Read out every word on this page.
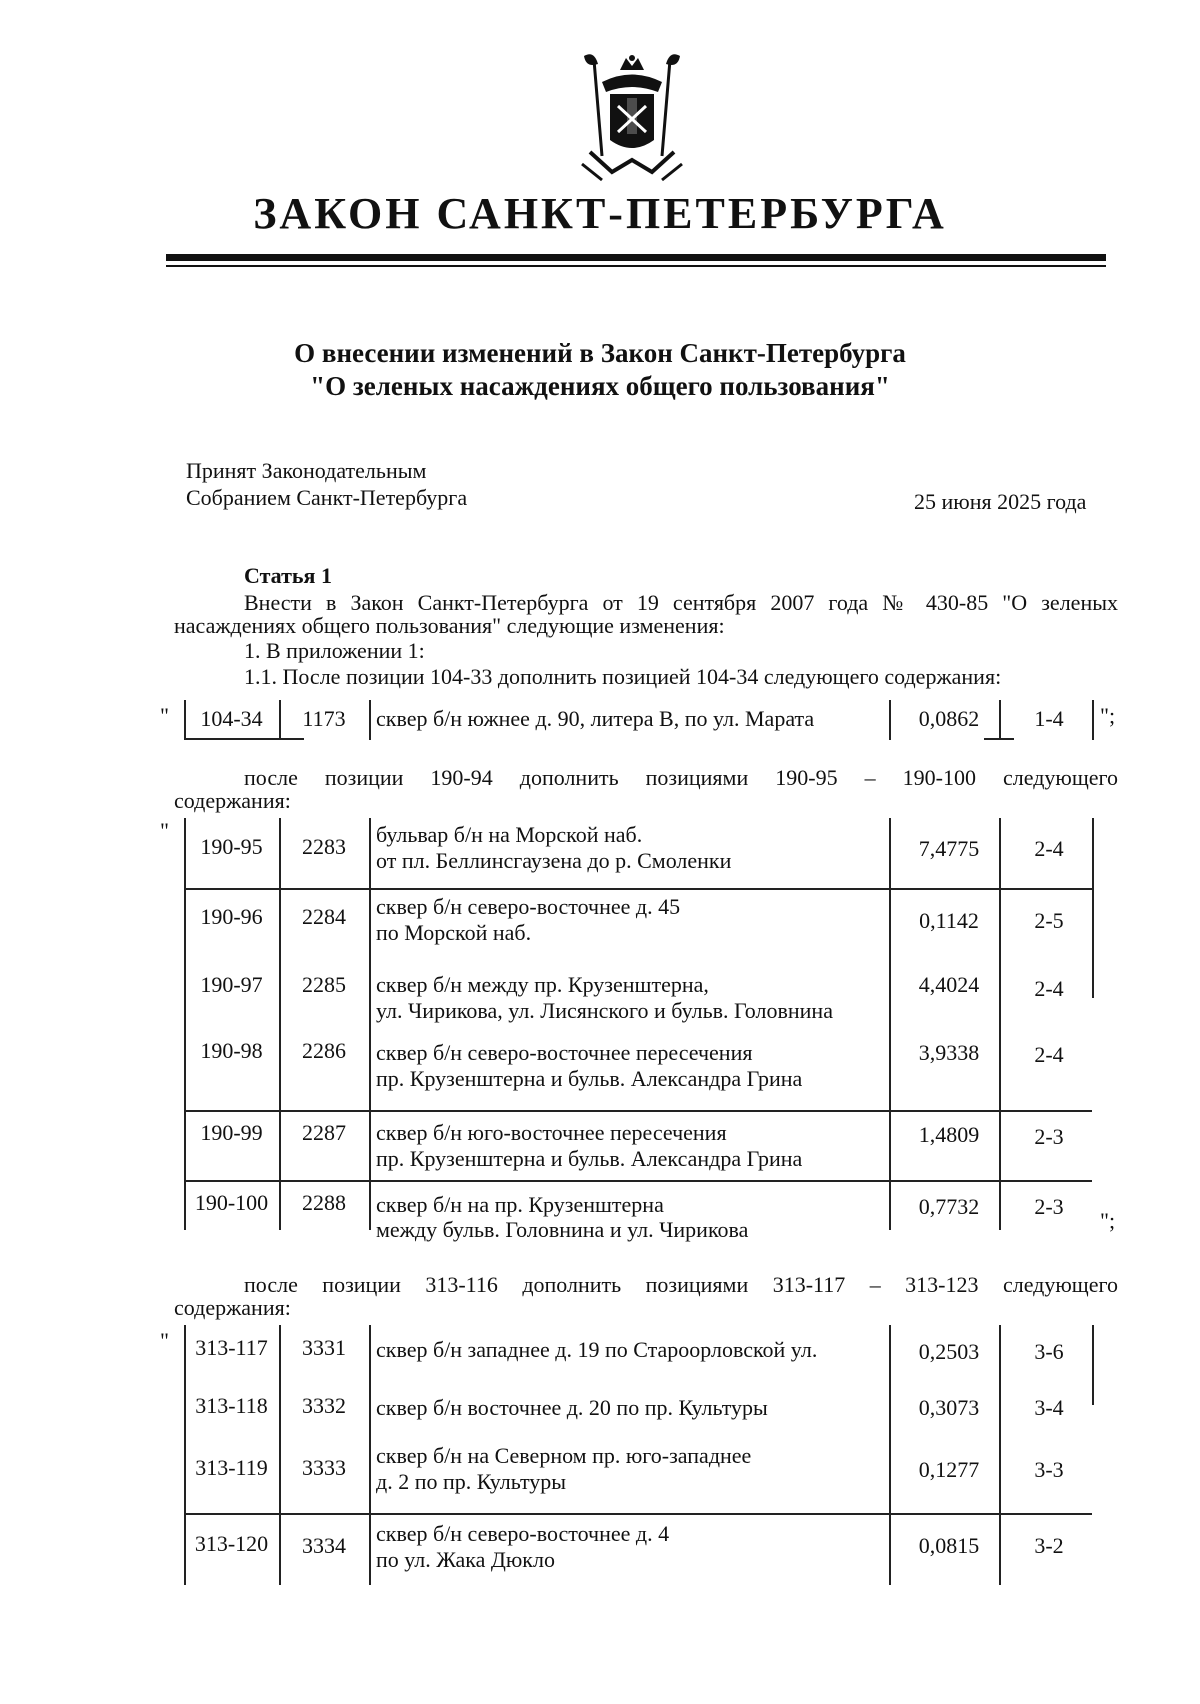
ЗАКОН САНКТ-ПЕТЕРБУРГА
О внесении изменений в Закон Санкт-Петербурга
"О зеленых насаждениях общего пользования"
Принят Законодательным
Собранием Санкт-Петербурга	25 июня 2025 года
Статья 1
Внести в Закон Санкт-Петербурга от 19 сентября 2007 года № 430-85 "О зеленых
насаждениях общего пользования" следующие изменения:
1. В приложении 1:
1.1. После позиции 104-33 дополнить позицией 104-34 следующего содержания:
"	";
104-34	1173	сквер б/н южнее д. 90, литера В, по ул. Марата	0,0862	1-4
после позиции 190-94 дополнить позициями 190-95 – 190-100 следующего
содержания:
"
";
190-95	2283	бульвар б/н на Морской наб.
от пл. Беллинсгаузена до р. Смоленки	7,4775	2-4
190-96	2284	сквер б/н северо-восточнее д. 45
по Морской наб.	0,1142	2-5
190-97	2285	сквер б/н между пр. Крузенштерна,
ул. Чирикова, ул. Лисянского и бульв. Головнина
4,4024	2-4
190-98	2286	сквер б/н северо-восточнее пересечения
пр. Крузенштерна и бульв. Александра Грина
3,9338	2-4
190-99	2287	сквер б/н юго-восточнее пересечения
пр. Крузенштерна и бульв. Александра Грина
1,4809	2-3
190-100	2288	сквер б/н на пр. Крузенштерна
между бульв. Головнина и ул. Чирикова
0,7732	2-3
после позиции 313-116 дополнить позициями 313-117 – 313-123 следующего
содержания:
"	313-117	3331	сквер б/н западнее д. 19 по Староорловской ул.	0,2503	3-6
313-118	3332	сквер б/н восточнее д. 20 по пр. Культуры	0,3073	3-4
313-119	3333	сквер б/н на Северном пр. юго-западнее
д. 2 по пр. Культуры	0,1277	3-3
313-120	3334	сквер б/н северо-восточнее д. 4
по ул. Жака Дюкло
0,0815	3-2
